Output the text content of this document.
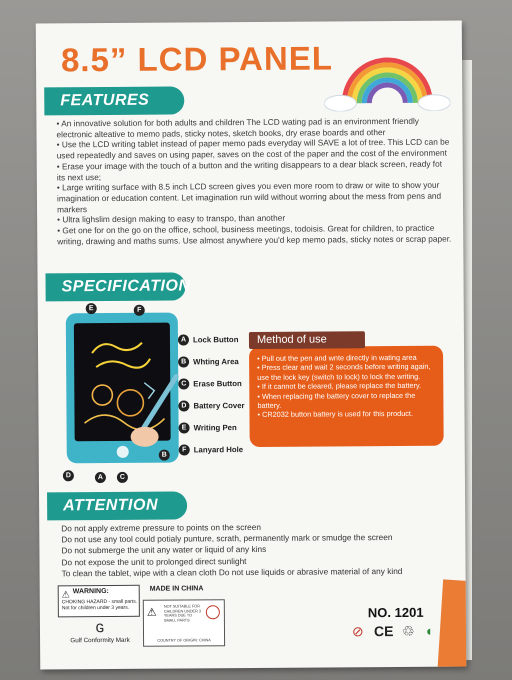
8.5” LCD PANEL
FEATURES

• An innovative solution for both adults and children The LCD wating pad is an environment friendly electronic alteative to memo pads, sticky notes, sketch books, dry erase boards and other

• Use the LCD writing tablet instead of paper memo pads everyday will SAVE a lot of tree. This LCD can be used repeatedly and saves on using paper, saves on the cost of the paper and the cost of the environment

• Erase your image with the touch of a button and the writing disappears to a dear black screen, ready fot its next use;

• Large writing surface with 8.5 inch LCD screen gives you even more room to draw or wite to show your imagination or education content. Let imagination run wild without worring about the mess from pens and markers

• Ultra lighslim design making to easy to transpo, than another

• Get one for on the go on the office, school, business meetings, todoisis. Great for children, to practice writing, drawing and maths sums. Use almost anywhere you'd kep memo pads, sticky notes or scrap paper.

SPECIFICATION
E	F
D	A	C
B
A Lock Button
B Whting Area
C Erase Button
D Battery Cover
E Writing Pen
F Lanyard Hole
Method of use

• Pull out the pen and wnte directly in wating area

• Press clear and wait 2 seconds before writing again, use the lock key (switch to lock) to lock the writing.

• If it cannot be cleared, please replace the battery.

• When replacing the battery cover to replace the battery.

• CR2032 button battery is used for this product.

ATTENTION

Do not apply extreme pressure to points on the screen

Do not use any tool could potialy punture, scrath, permanently mark or smudge the screen

Do not submerge the unit any water or liquid of any kins

Do not expose the unit to prolonged direct sunlight

To clean the tablet, wipe with a clean cloth Do not use liquids or abrasive material of any kind

⚠ WARNING:
CHOKING HAZARD - small parts. Not for children under 3 years.
ɢ
Gulf Conformity Mark
MADE IN CHINA
⚠
NOT SUITABLE FOR CHILDREN UNDER 3 YEARS DUE TO SMALL PARTS
COUNTRY OF ORIGIN: CHINA
NO. 1201
⊘ CE ♲ ◐
